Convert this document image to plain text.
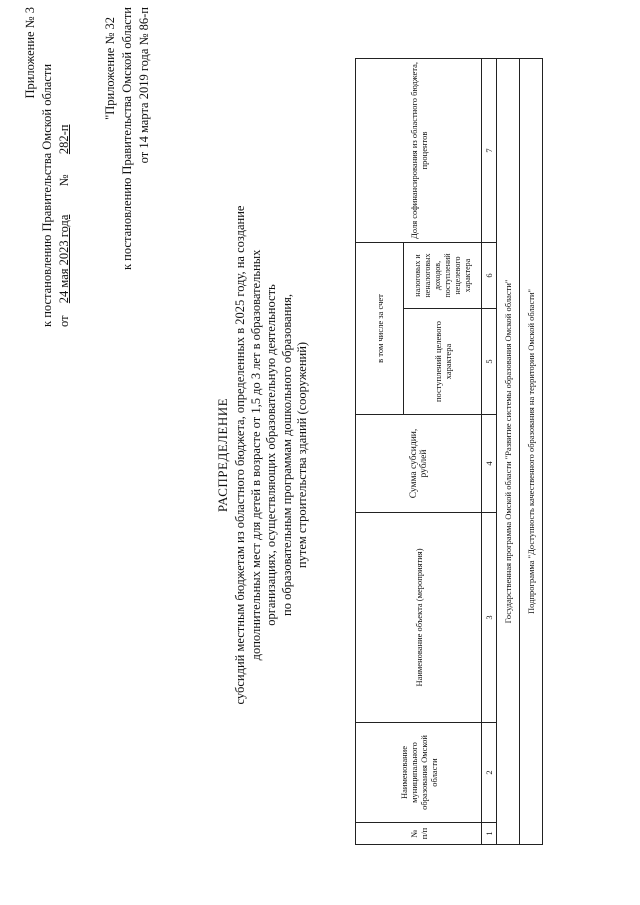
Приложение № 3
к постановлению Правительства Омской области от  24 мая 2023 года  №  282-п
"Приложение № 32 к постановлению Правительства Омской области от 14 марта 2019 года № 86-п
РАСПРЕДЕЛЕНИЕ субсидий местным бюджетам из областного бюджета, определенных в 2025 году, на создание дополнительных мест для детей в возрасте от 1,5 до 3 лет в образовательных организациях, осуществляющих образовательную деятельность по образовательным программам дошкольного образования, путем строительства зданий (сооружений)
№ п/п	Наименование муниципального образования Омской области	Наименование объекта (мероприятия)	Сумма субсидии, рублей	в том числе за счет		Доля софинансирования из областного бюджета, процентов
				поступлений целевого характера	налоговых и неналоговых доходов, поступлений нецелевого характера	
1	2	3	4	5	6	7
Государственная программа Омской области "Развитие системы образования Омской области"						
Подпрограмма "Доступность качественного образования на территории Омской области"						
